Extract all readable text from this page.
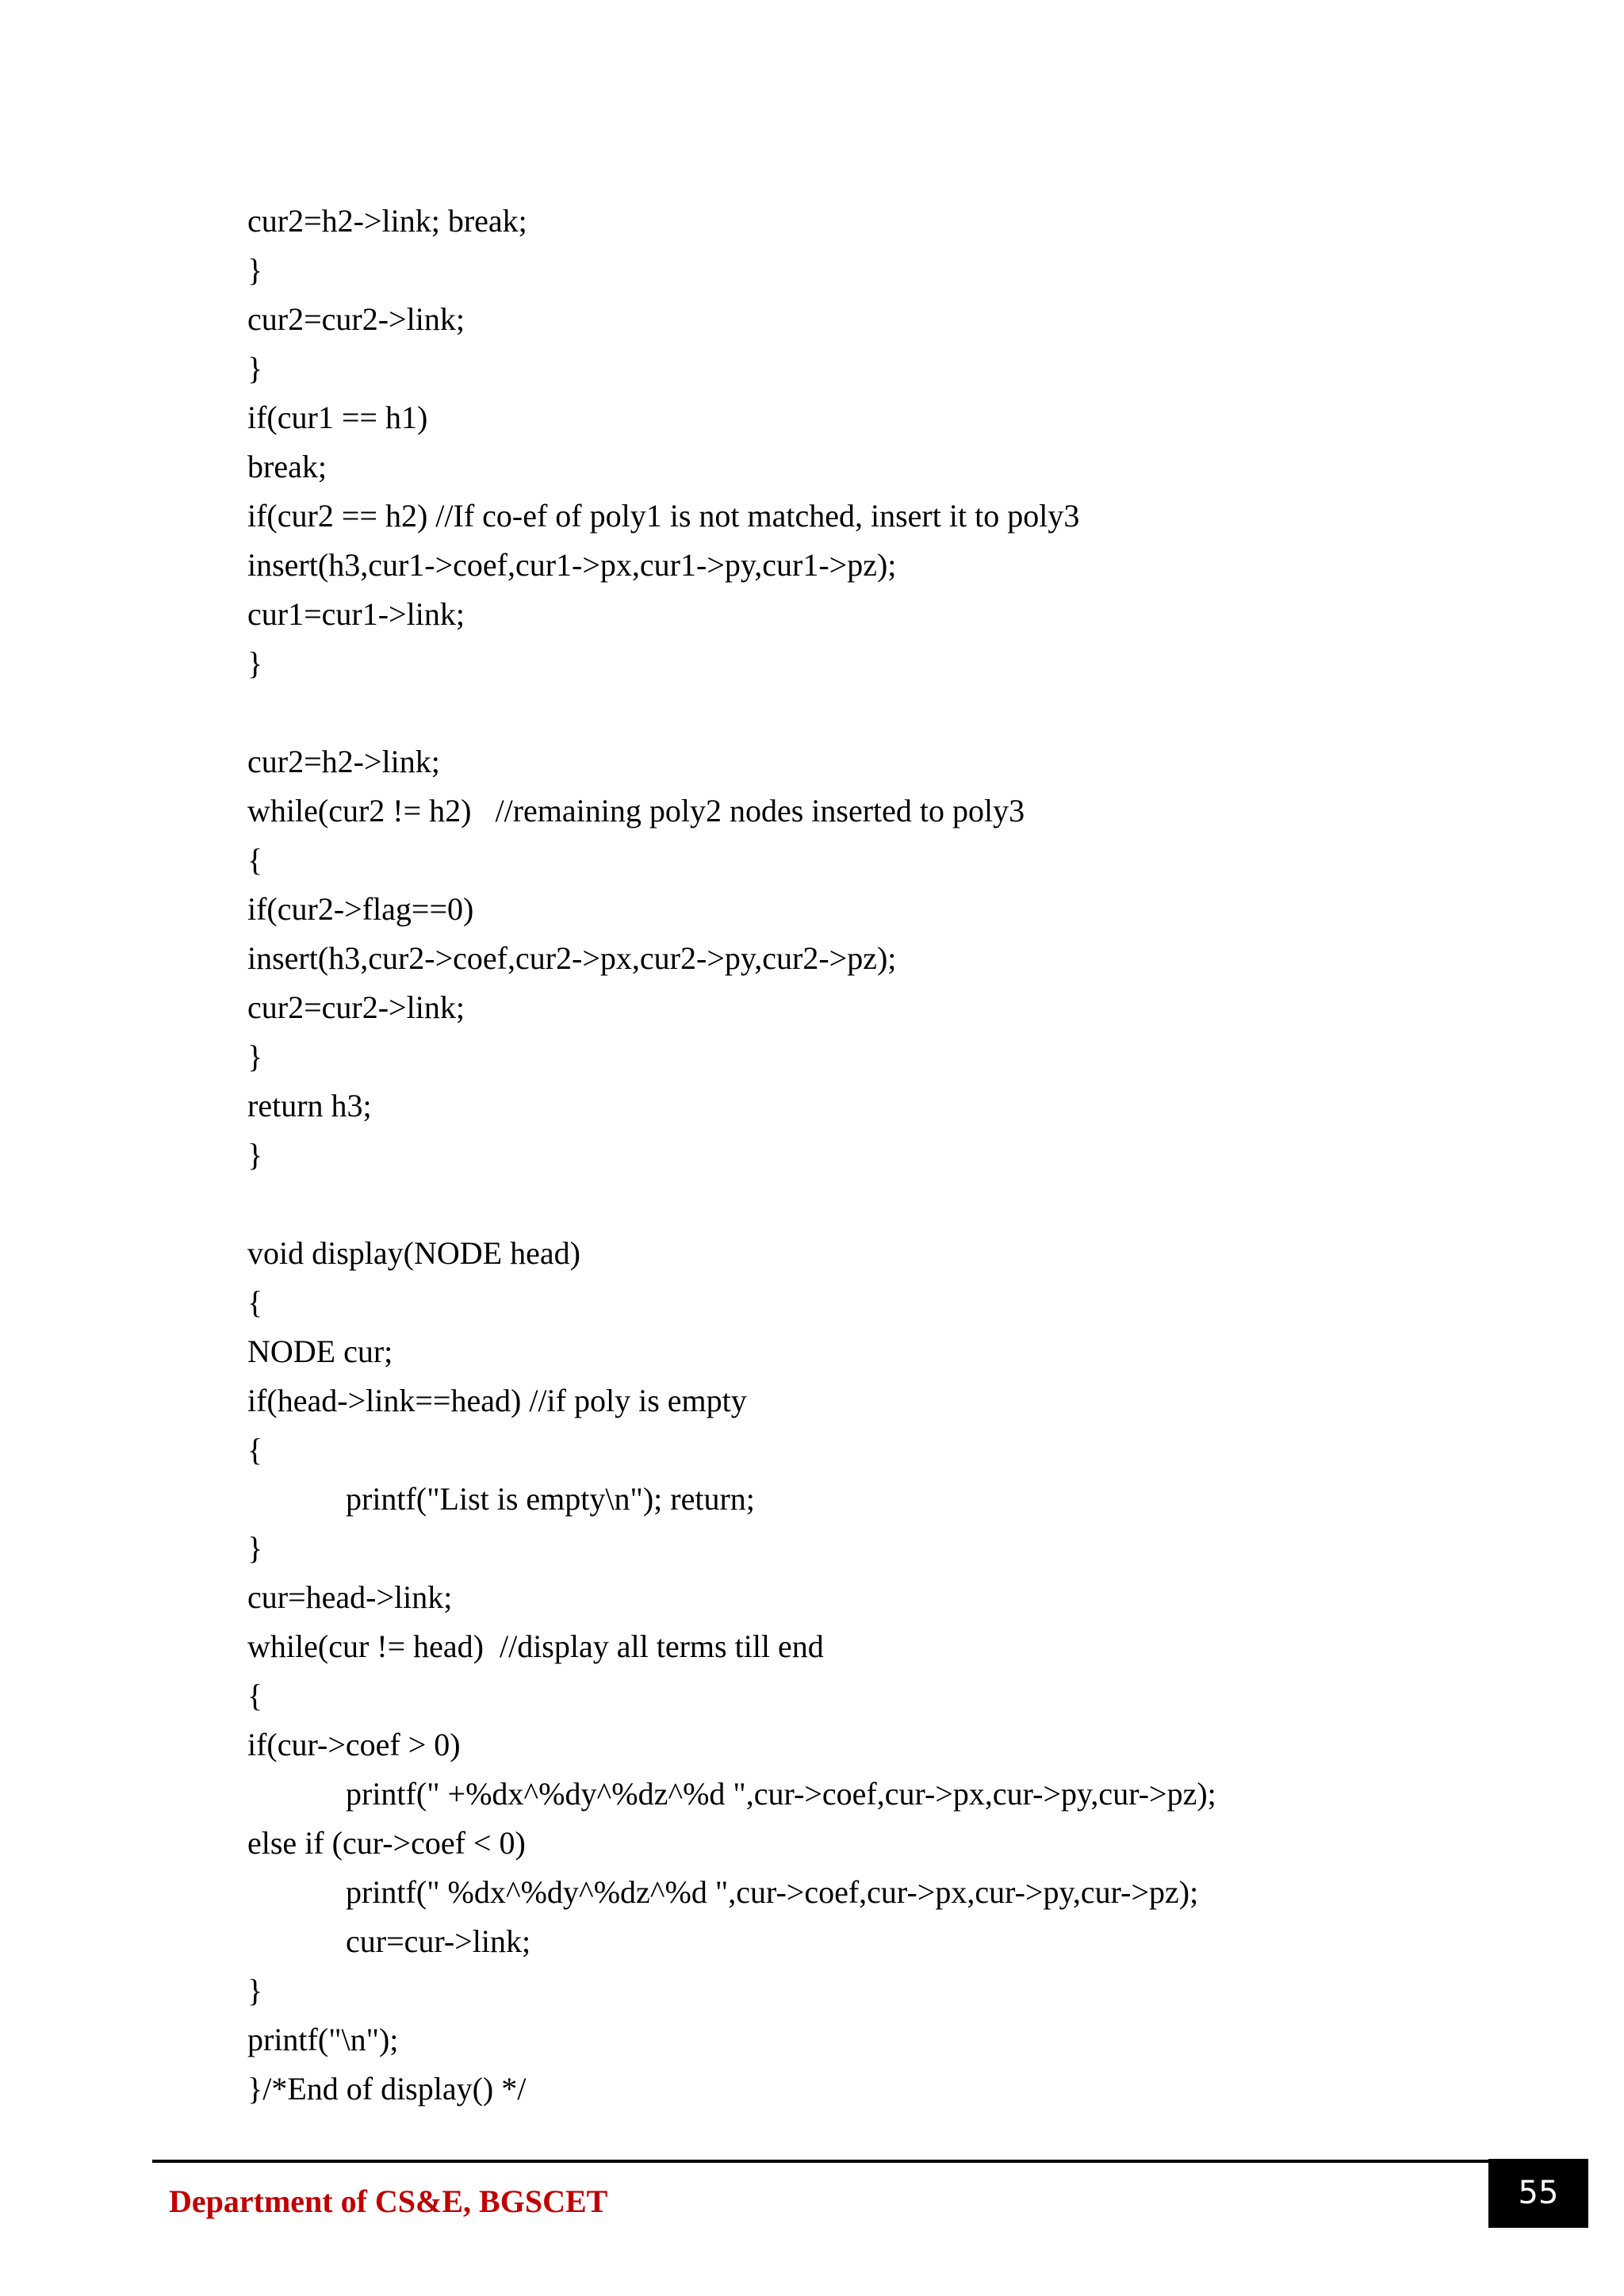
cur2=h2->link; break;
}
cur2=cur2->link;
}
if(cur1 == h1)
break;
if(cur2 == h2) //If co-ef of poly1 is not matched, insert it to poly3
insert(h3,cur1->coef,cur1->px,cur1->py,cur1->pz);
cur1=cur1->link;
}
cur2=h2->link;
while(cur2 != h2)   //remaining poly2 nodes inserted to poly3
{
if(cur2->flag==0)
insert(h3,cur2->coef,cur2->px,cur2->py,cur2->pz);
cur2=cur2->link;
}
return h3;
}
void display(NODE head)
{
NODE cur;
if(head->link==head) //if poly is empty
{
printf("List is empty\n"); return;
}
cur=head->link;
while(cur != head)  //display all terms till end
{
if(cur->coef > 0)
printf(" +%dx^%dy^%dz^%d ",cur->coef,cur->px,cur->py,cur->pz);
else if (cur->coef < 0)
printf(" %dx^%dy^%dz^%d ",cur->coef,cur->px,cur->py,cur->pz);
cur=cur->link;
}
printf("\n");
}/*End of display() */
Department of CS&E, BGSCET	55
